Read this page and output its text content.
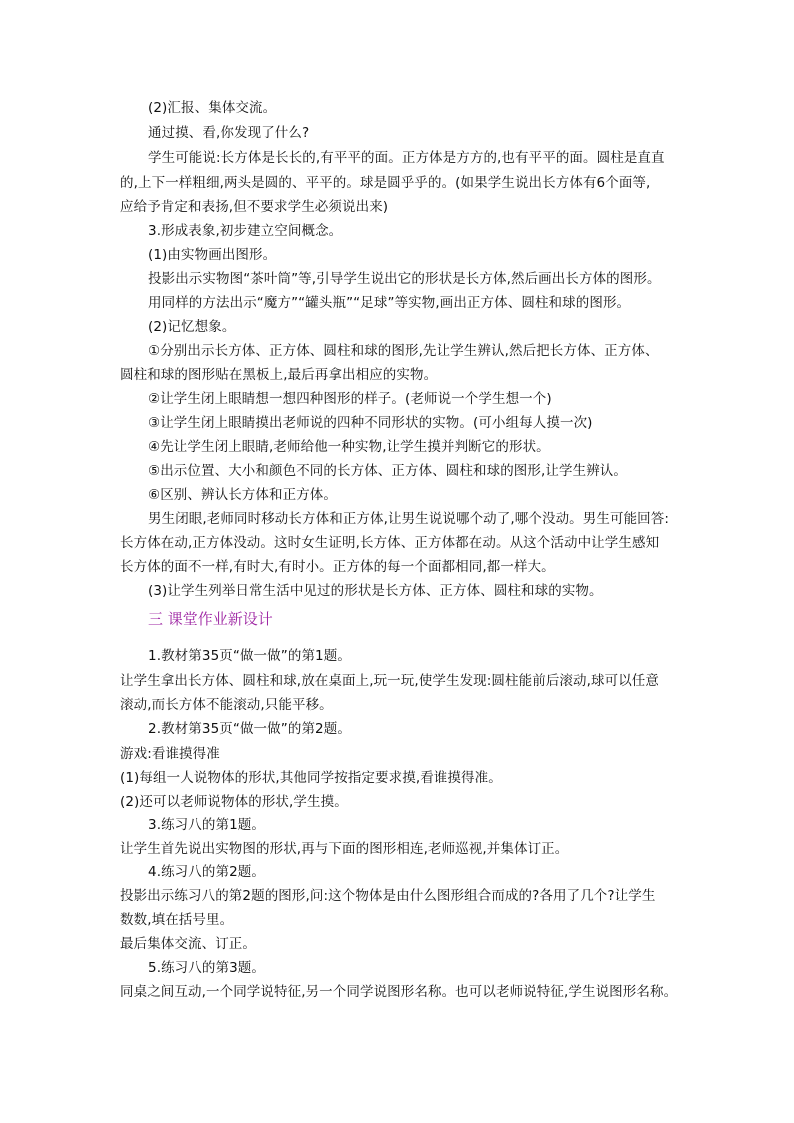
(2)汇报、集体交流。
通过摸、看,你发现了什么?
学生可能说:长方体是长长的,有平平的面。正方体是方方的,也有平平的面。圆柱是直直
的,上下一样粗细,两头是圆的、平平的。球是圆乎乎的。(如果学生说出长方体有6个面等,
应给予肯定和表扬,但不要求学生必须说出来)
3.形成表象,初步建立空间概念。
(1)由实物画出图形。
投影出示实物图“茶叶筒”等,引导学生说出它的形状是长方体,然后画出长方体的图形。
用同样的方法出示“魔方”“罐头瓶”“足球”等实物,画出正方体、圆柱和球的图形。
(2)记忆想象。
①分别出示长方体、正方体、圆柱和球的图形,先让学生辨认,然后把长方体、正方体、
圆柱和球的图形贴在黑板上,最后再拿出相应的实物。
②让学生闭上眼睛想一想四种图形的样子。(老师说一个学生想一个)
③让学生闭上眼睛摸出老师说的四种不同形状的实物。(可小组每人摸一次)
④先让学生闭上眼睛,老师给他一种实物,让学生摸并判断它的形状。
⑤出示位置、大小和颜色不同的长方体、正方体、圆柱和球的图形,让学生辨认。
⑥区别、辨认长方体和正方体。
男生闭眼,老师同时移动长方体和正方体,让男生说说哪个动了,哪个没动。男生可能回答:
长方体在动,正方体没动。这时女生证明,长方体、正方体都在动。从这个活动中让学生感知
长方体的面不一样,有时大,有时小。正方体的每一个面都相同,都一样大。
(3)让学生列举日常生活中见过的形状是长方体、正方体、圆柱和球的实物。
三 课堂作业新设计
1.教材第35页“做一做”的第1题。
让学生拿出长方体、圆柱和球,放在桌面上,玩一玩,使学生发现:圆柱能前后滚动,球可以任意
滚动,而长方体不能滚动,只能平移。
2.教材第35页“做一做”的第2题。
游戏:看谁摸得准
(1)每组一人说物体的形状,其他同学按指定要求摸,看谁摸得准。
(2)还可以老师说物体的形状,学生摸。
3.练习八的第1题。
让学生首先说出实物图的形状,再与下面的图形相连,老师巡视,并集体订正。
4.练习八的第2题。
投影出示练习八的第2题的图形,问:这个物体是由什么图形组合而成的?各用了几个?让学生
数数,填在括号里。
最后集体交流、订正。
5.练习八的第3题。
同桌之间互动,一个同学说特征,另一个同学说图形名称。也可以老师说特征,学生说图形名称。
